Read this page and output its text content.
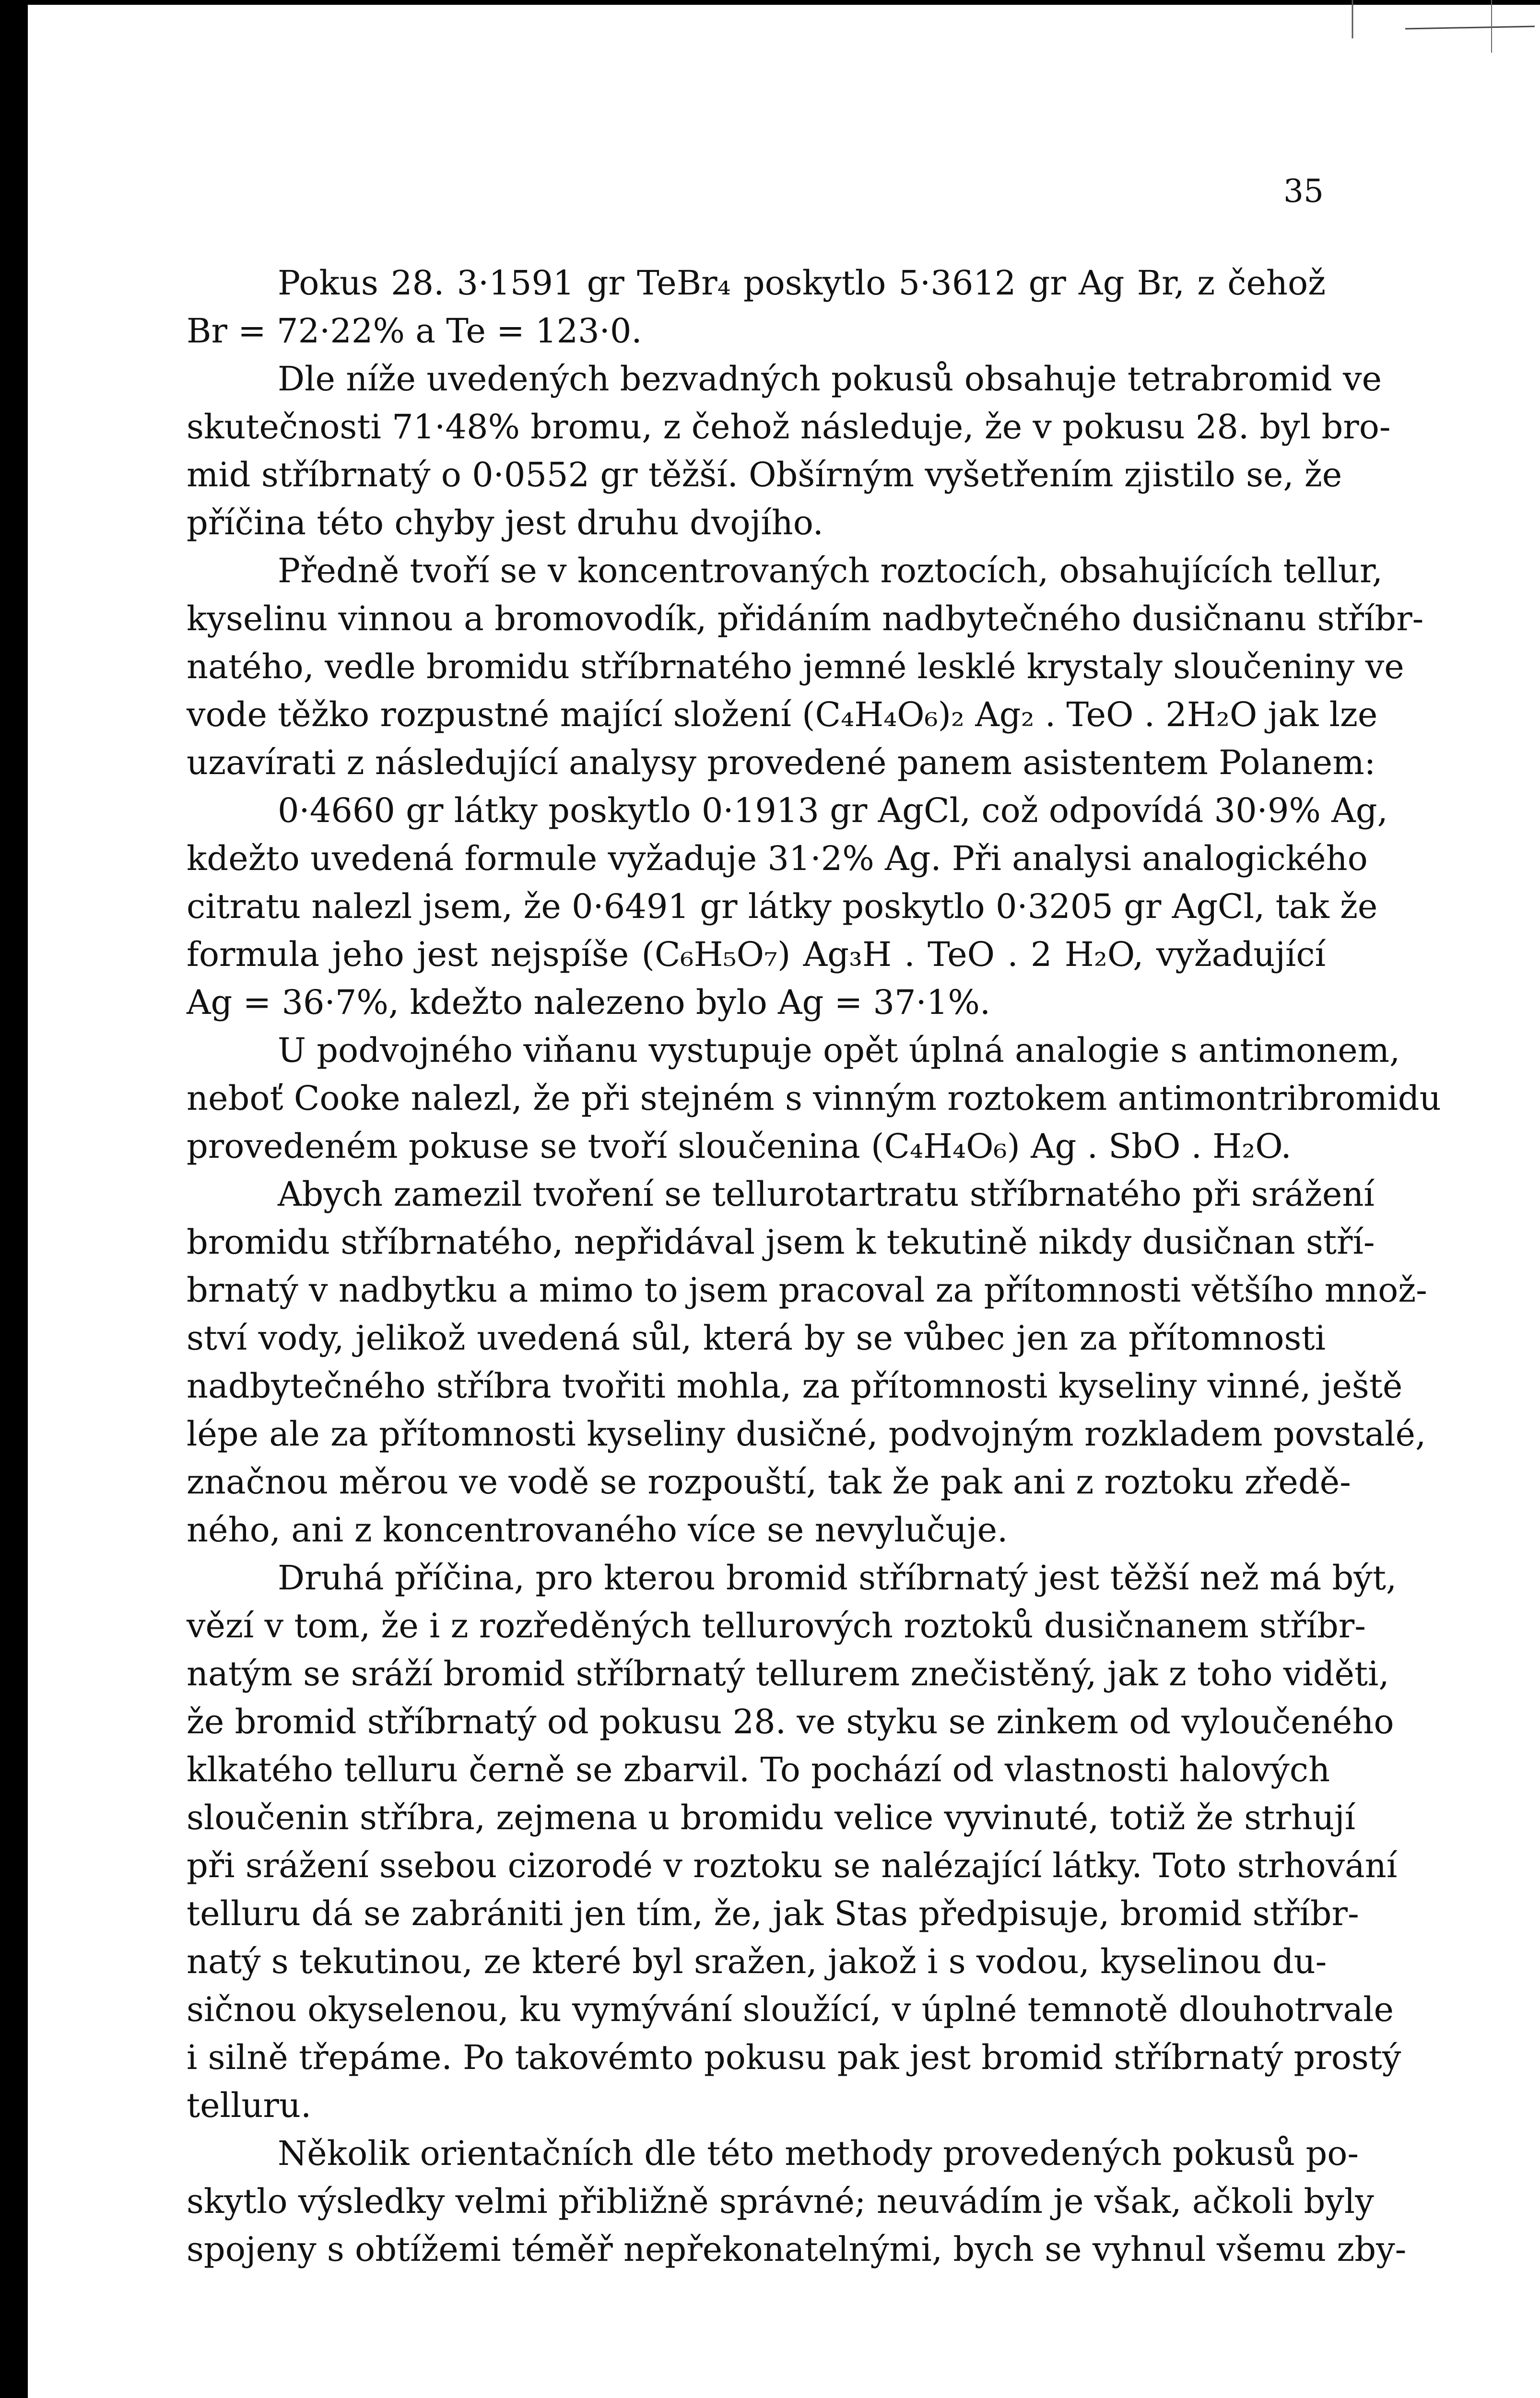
35

Pokus 28. 3·1591 gr TeBr₄ poskytlo 5·3612 gr Ag Br, z čehož
Br = 72·22% a Te = 123·0.

Dle níže uvedených bezvadných pokusů obsahuje tetrabromid ve
skutečnosti 71·48% bromu, z čehož následuje, že v pokusu 28. byl bro-
mid stříbrnatý o 0·0552 gr těžší. Obšírným vyšetřením zjistilo se, že
příčina této chyby jest druhu dvojího.

Předně tvoří se v koncentrovaných roztocích, obsahujících tellur,
kyselinu vinnou a bromovodík, přidáním nadbytečného dusičnanu stříbr-
natého, vedle bromidu stříbrnatého jemné lesklé krystaly sloučeniny ve
vode těžko rozpustné mající složení (C₄H₄O₆)₂ Ag₂ . TeO . 2H₂O jak lze
uzavírati z následující analysy provedené panem asistentem Polanem:

0·4660 gr látky poskytlo 0·1913 gr AgCl, což odpovídá 30·9% Ag,
kdežto uvedená formule vyžaduje 31·2% Ag. Při analysi analogického
citratu nalezl jsem, že 0·6491 gr látky poskytlo 0·3205 gr AgCl, tak že
formula jeho jest nejspíše (C₆H₅O₇) Ag₃H . TeO . 2 H₂O, vyžadující
Ag = 36·7%, kdežto nalezeno bylo Ag = 37·1%.

U podvojného viňanu vystupuje opět úplná analogie s antimonem,
neboť Cooke nalezl, že při stejném s vinným roztokem antimontribromidu
provedeném pokuse se tvoří sloučenina (C₄H₄O₆) Ag . SbO . H₂O.

Abych zamezil tvoření se tellurotartratu stříbrnatého při srážení
bromidu stříbrnatého, nepřidával jsem k tekutině nikdy dusičnan stří-
brnatý v nadbytku a mimo to jsem pracoval za přítomnosti většího množ-
ství vody, jelikož uvedená sůl, která by se vůbec jen za přítomnosti
nadbytečného stříbra tvořiti mohla, za přítomnosti kyseliny vinné, ještě
lépe ale za přítomnosti kyseliny dusičné, podvojným rozkladem povstalé,
značnou měrou ve vodě se rozpouští, tak že pak ani z roztoku zředě-
ného, ani z koncentrovaného více se nevylučuje.

Druhá příčina, pro kterou bromid stříbrnatý jest těžší než má být,
vězí v tom, že i z rozředěných tellurových roztoků dusičnanem stříbr-
natým se sráží bromid stříbrnatý tellurem znečistěný, jak z toho viděti,
že bromid stříbrnatý od pokusu 28. ve styku se zinkem od vyloučeného
klkatého telluru černě se zbarvil. To pochází od vlastnosti halových
sloučenin stříbra, zejmena u bromidu velice vyvinuté, totiž že strhují
při srážení ssebou cizorodé v roztoku se nalézající látky. Toto strhování
telluru dá se zabrániti jen tím, že, jak Stas předpisuje, bromid stříbr-
natý s tekutinou, ze které byl sražen, jakož i s vodou, kyselinou du-
sičnou okyselenou, ku vymývání sloužící, v úplné temnotě dlouhotrvale
i silně třepáme. Po takovémto pokusu pak jest bromid stříbrnatý prostý
telluru.

Několik orientačních dle této methody provedených pokusů po-
skytlo výsledky velmi přibližně správné; neuvádím je však, ačkoli byly
spojeny s obtížemi téměř nepřekonatelnými, bych se vyhnul všemu zby-
